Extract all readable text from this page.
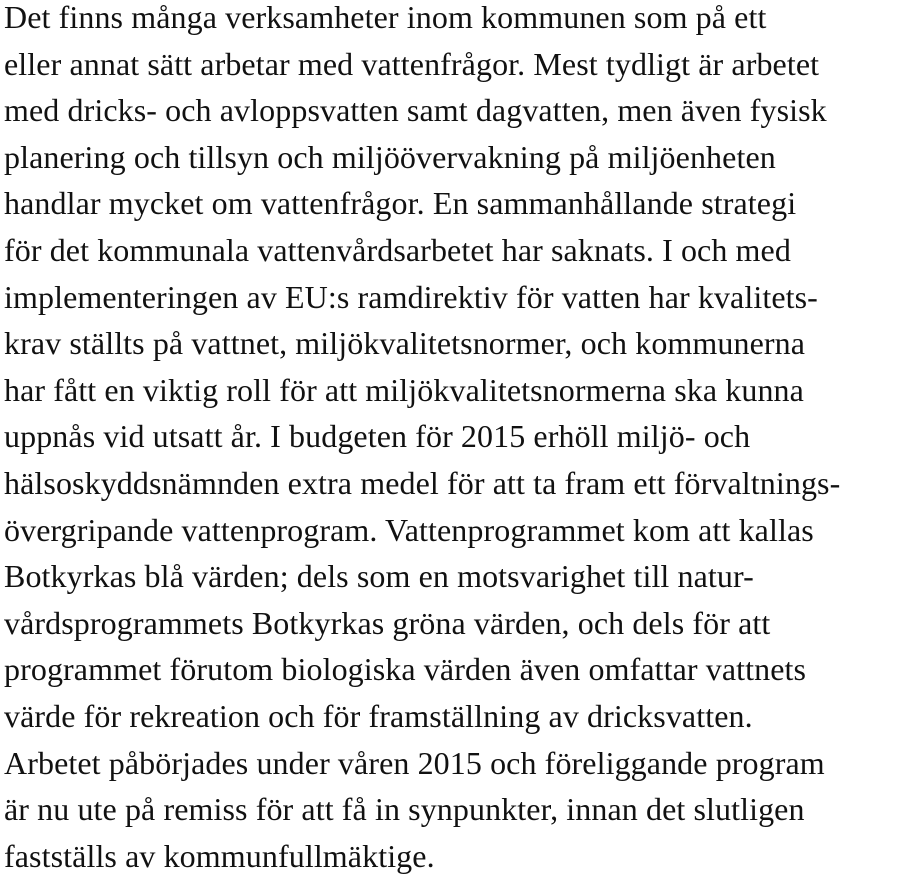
Det finns många verksamheter inom kommunen som på ett
eller annat sätt arbetar med vattenfrågor. Mest tydligt är arbetet
med dricks- och avloppsvatten samt dagvatten, men även fysisk
planering och tillsyn och miljöövervakning på miljöenheten
handlar mycket om vattenfrågor. En sammanhållande strategi
för det kommunala vattenvårdsarbetet har saknats. I och med
implementeringen av EU:s ramdirektiv för vatten har kvalitets-
krav ställts på vattnet, miljökvalitetsnormer, och kommunerna
har fått en viktig roll för att miljökvalitetsnormerna ska kunna
uppnås vid utsatt år. I budgeten för 2015 erhöll miljö- och
hälsoskyddsnämnden extra medel för att ta fram ett förvaltnings-
övergripande vattenprogram. Vattenprogrammet kom att kallas
Botkyrkas blå värden; dels som en motsvarighet till natur-
vårdsprogrammets Botkyrkas gröna värden, och dels för att
programmet förutom biologiska värden även omfattar vattnets
värde för rekreation och för framställning av dricksvatten.
Arbetet påbörjades under våren 2015 och föreliggande program
är nu ute på remiss för att få in synpunkter, innan det slutligen
fastställs av kommunfullmäktige.
